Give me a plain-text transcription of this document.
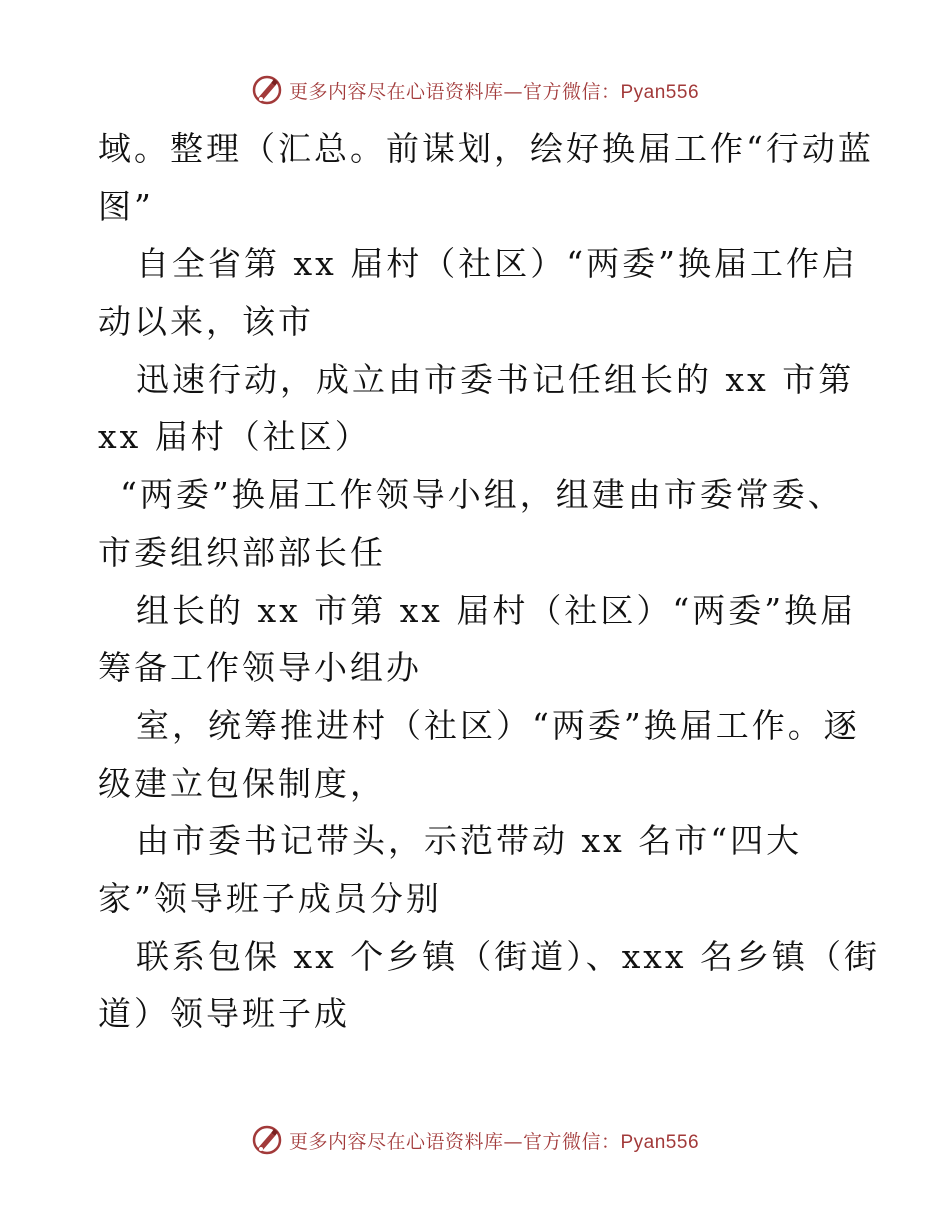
更多内容尽在心语资料库—官方微信：Pyan556
域。整理（汇总。前谋划，绘好换届工作“行动蓝
图”
自全省第 xx 届村（社区）“两委”换届工作启
动以来，该市
迅速行动，成立由市委书记任组长的 xx 市第
xx 届村（社区）
“两委”换届工作领导小组，组建由市委常委、
市委组织部部长任
组长的 xx 市第 xx 届村（社区）“两委”换届
筹备工作领导小组办
室，统筹推进村（社区）“两委”换届工作。逐
级建立包保制度，
由市委书记带头，示范带动 xx 名市“四大
家”领导班子成员分别
联系包保 xx 个乡镇（街道）、xxx 名乡镇（街
道）领导班子成
更多内容尽在心语资料库—官方微信：Pyan556
